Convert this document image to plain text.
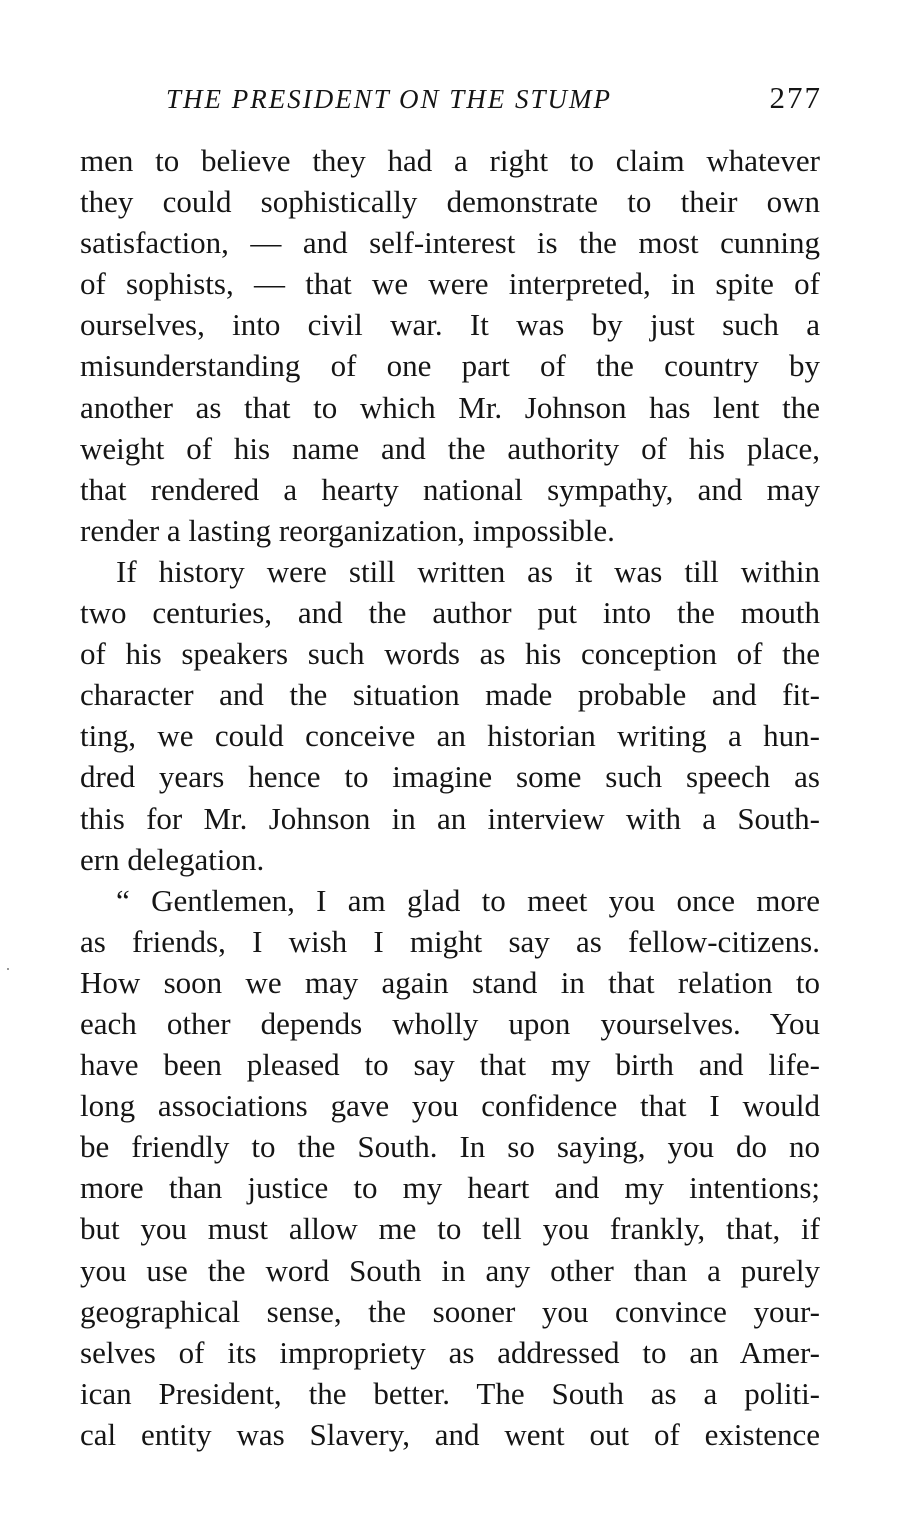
THE PRESIDENT ON THE STUMP	277
men to believe they had a right to claim whatever
they could sophistically demonstrate to their own
satisfaction, — and self-interest is the most cunning
of sophists, — that we were interpreted, in spite of
ourselves, into civil war. It was by just such a
misunderstanding of one part of the country by
another as that to which Mr. Johnson has lent the
weight of his name and the authority of his place,
that rendered a hearty national sympathy, and may
render a lasting reorganization, impossible.
If history were still written as it was till within
two centuries, and the author put into the mouth
of his speakers such words as his conception of the
character and the situation made probable and fit-
ting, we could conceive an historian writing a hun-
dred years hence to imagine some such speech as
this for Mr. Johnson in an interview with a South-
ern delegation.
“ Gentlemen, I am glad to meet you once more
as friends, I wish I might say as fellow-citizens.
How soon we may again stand in that relation to
each other depends wholly upon yourselves. You
have been pleased to say that my birth and life-
long associations gave you confidence that I would
be friendly to the South. In so saying, you do no
more than justice to my heart and my intentions;
but you must allow me to tell you frankly, that, if
you use the word South in any other than a purely
geographical sense, the sooner you convince your-
selves of its impropriety as addressed to an Amer-
ican President, the better. The South as a politi-
cal entity was Slavery, and went out of existence
